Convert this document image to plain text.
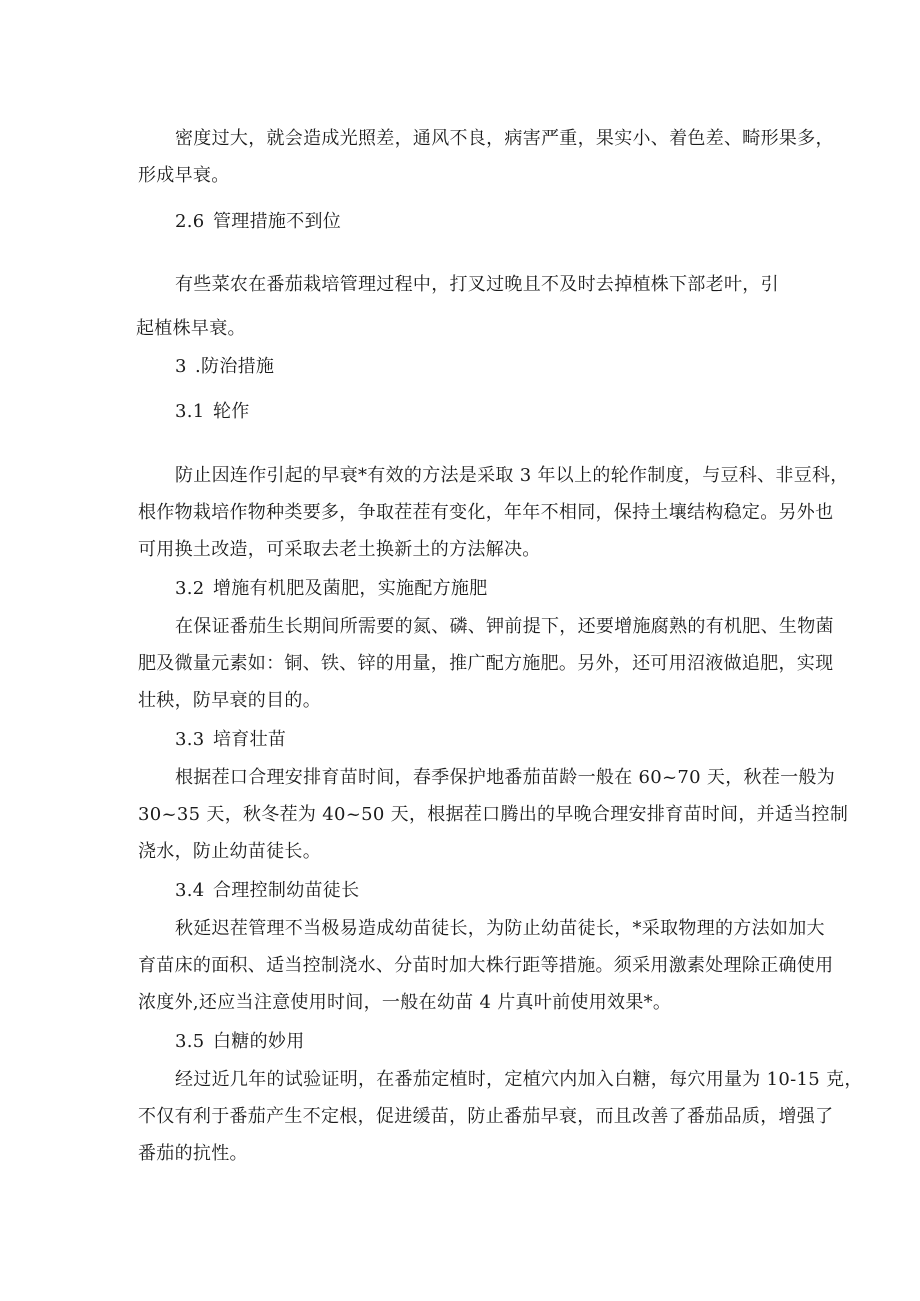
密度过大，就会造成光照差，通风不良，病害严重，果实小、着色差、畸形果多，
形成早衰。
2.6 管理措施不到位
有些菜农在番茄栽培管理过程中，打叉过晚且不及时去掉植株下部老叶，引
起植株早衰。
3 .防治措施
3.1 轮作
防止因连作引起的早衰*有效的方法是采取 3 年以上的轮作制度，与豆科、非豆科，
根作物栽培作物种类要多，争取茬茬有变化，年年不相同，保持土壤结构稳定。另外也
可用换土改造，可采取去老土换新土的方法解决。
3.2 增施有机肥及菌肥，实施配方施肥
在保证番茄生长期间所需要的氮、磷、钾前提下，还要增施腐熟的有机肥、生物菌
肥及微量元素如：铜、铁、锌的用量，推广配方施肥。另外，还可用沼液做追肥，实现
壮秧，防早衰的目的。
3.3 培育壮苗
根据茬口合理安排育苗时间，春季保护地番茄苗龄一般在 60~70 天，秋茬一般为
30~35 天，秋冬茬为 40~50 天，根据茬口腾出的早晚合理安排育苗时间，并适当控制
浇水，防止幼苗徒长。
3.4 合理控制幼苗徒长
秋延迟茬管理不当极易造成幼苗徒长，为防止幼苗徒长，*采取物理的方法如加大
育苗床的面积、适当控制浇水、分苗时加大株行距等措施。须采用激素处理除正确使用
浓度外,还应当注意使用时间，一般在幼苗 4 片真叶前使用效果*。
3.5 白糖的妙用
经过近几年的试验证明，在番茄定植时，定植穴内加入白糖，每穴用量为 10-15 克，
不仅有利于番茄产生不定根，促进缓苗，防止番茄早衰，而且改善了番茄品质，增强了
番茄的抗性。
